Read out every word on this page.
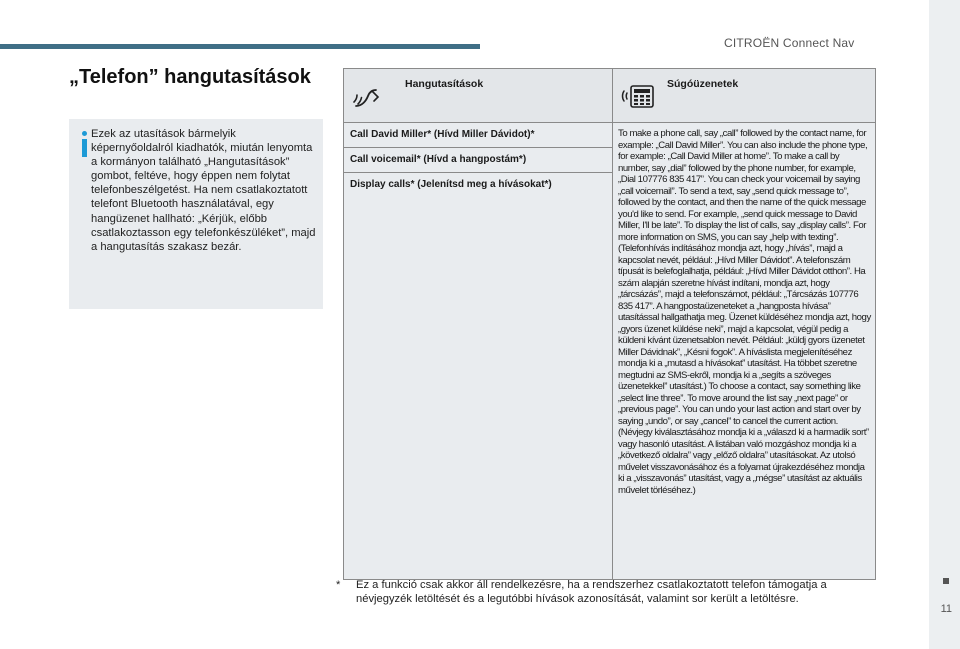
CITROËN Connect Nav
11
„Telefon” hangutasítások
Ezek az utasítások bármelyik képernyőoldalról kiadhatók, miután lenyomta a kormányon található „Hangutasítások” gombot, feltéve, hogy éppen nem folytat telefonbeszélgetést. Ha nem csatlakoztatott telefont Bluetooth használatával, egy hangüzenet hallható: „Kérjük, előbb csatlakoztasson egy telefonkészüléket”, majd a hangutasítás szakasz bezár.
Hangutasítások	Súgóüzenetek

Call David Miller* (Hívd Miller Dávidot)*	To make a phone call, say „call” followed by the contact name, for example: „Call David Miller”. You can also include the phone type, for example: „Call David Miller at home”. To make a call by number, say „dial” followed by the phone number, for example, „Dial 107776 835 417”. You can check your voicemail by saying „call voicemail”. To send a text, say „send quick message to”, followed by the contact, and then the name of the quick message you'd like to send. For example, „send quick message to David Miller, I'll be late”. To display the list of calls, say „display calls”. For more information on SMS, you can say „help with texting”. (Telefonhívás indításához mondja azt, hogy „hívás”, majd a kapcsolat nevét, például: „Hívd Miller Dávidot”. A telefonszám típusát is belefoglalhatja, például: „Hívd Miller Dávidot otthon”. Ha szám alapján szeretne hívást indítani, mondja azt, hogy „tárcsázás”, majd a telefonszámot, például: „Tárcsázás 107776 835 417”. A hangpostaüzeneteket a „hangposta hívása” utasítással hallgathatja meg. Üzenet küldéséhez mondja azt, hogy „gyors üzenet küldése neki”, majd a kapcsolat, végül pedig a küldeni kívánt üzenetsablon nevét. Például: „küldj gyors üzenetet Miller Dávidnak”, „Késni fogok”. A híváslista megjelenítéséhez mondja ki a „mutasd a hívásokat” utasítást. Ha többet szeretne megtudni az SMS-ekről, mondja ki a „segíts a szöveges üzenetekkel” utasítást.) To choose a contact, say something like „select line three”. To move around the list say „next page” or „previous page”. You can undo your last action and start over by saying „undo”, or say „cancel” to cancel the current action. (Névjegy kiválasztásához mondja ki a „válaszd ki a harmadik sort” vagy hasonló utasítást. A listában való mozgáshoz mondja ki a „következő oldalra” vagy „előző oldalra” utasításokat. Az utolsó művelet visszavonásához és a folyamat újrakezdéséhez mondja ki a „visszavonás” utasítást, vagy a „mégse” utasítást az aktuális művelet törléséhez.)

Call voicemail* (Hívd a hangpostám*)	
Display calls* (Jelenítsd meg a hívásokat*)	
*	Ez a funkció csak akkor áll rendelkezésre, ha a rendszerhez csatlakoztatott telefon támogatja a névjegyzék letöltését és a legutóbbi hívások azonosítását, valamint sor került a letöltésre.
